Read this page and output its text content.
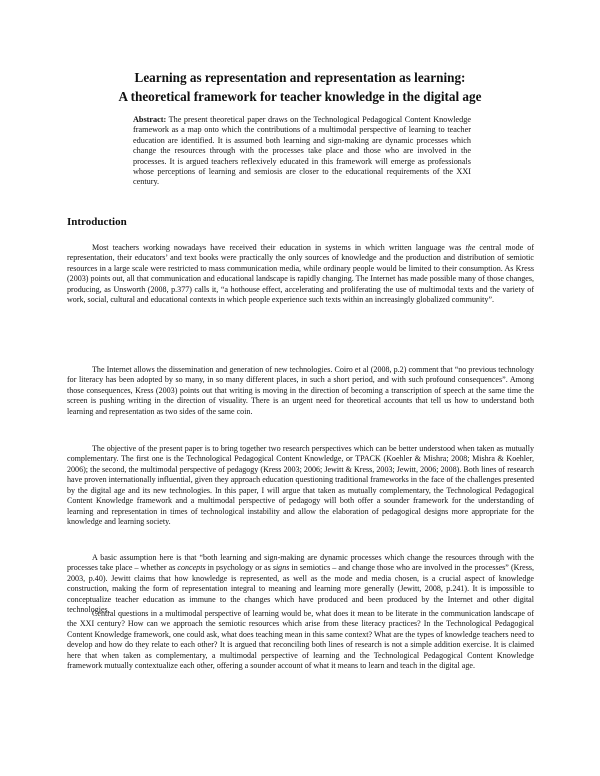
Learning as representation and representation as learning:
A theoretical framework for teacher knowledge in the digital age

Abstract: The present theoretical paper draws on the Technological Pedagogical Content Knowledge framework as a map onto which the contributions of a multimodal perspective of learning to teacher education are identified. It is assumed both learning and sign-making are dynamic processes which change the resources through with the processes take place and those who are involved in the processes. It is argued teachers reflexively educated in this framework will emerge as professionals whose perceptions of learning and semiosis are closer to the educational requirements of the XXI century.

Introduction

Most teachers working nowadays have received their education in systems in which written language was the central mode of representation, their educators’ and text books were practically the only sources of knowledge and the production and distribution of semiotic resources in a large scale were restricted to mass communication media, while ordinary people would be limited to their consumption. As Kress (2003) points out, all that communication and educational landscape is rapidly changing. The Internet has made possible many of those changes, producing, as Unsworth (2008, p.377) calls it, “a hothouse effect, accelerating and proliferating the use of multimodal texts and the variety of work, social, cultural and educational contexts in which people experience such texts within an increasingly globalized community”.

The Internet allows the dissemination and generation of new technologies. Coiro et al (2008, p.2) comment that “no previous technology for literacy has been adopted by so many, in so many different places, in such a short period, and with such profound consequences”. Among those consequences, Kress (2003) points out that writing is moving in the direction of becoming a transcription of speech at the same time the screen is pushing writing in the direction of visuality. There is an urgent need for theoretical accounts that tell us how to understand both learning and representation as two sides of the same coin.

The objective of the present paper is to bring together two research perspectives which can be better understood when taken as mutually complementary. The first one is the Technological Pedagogical Content Knowledge, or TPACK (Koehler & Mishra; 2008; Mishra & Koehler, 2006); the second, the multimodal perspective of pedagogy (Kress 2003; 2006; Jewitt & Kress, 2003; Jewitt, 2006; 2008). Both lines of research have proven internationally influential, given they approach education questioning traditional frameworks in the face of the challenges presented by the digital age and its new technologies. In this paper, I will argue that taken as mutually complementary, the Technological Pedagogical Content Knowledge framework and a multimodal perspective of pedagogy will both offer a sounder framework for the understanding of learning and representation in times of technological instability and allow the elaboration of pedagogical designs more appropriate for the knowledge and learning society.

A basic assumption here is that “both learning and sign-making are dynamic processes which change the resources through with the processes take place – whether as concepts in psychology or as signs in semiotics – and change those who are involved in the processes” (Kress, 2003, p.40). Jewitt claims that how knowledge is represented, as well as the mode and media chosen, is a crucial aspect of knowledge construction, making the form of representation integral to meaning and learning more generally (Jewitt, 2008, p.241). It is impossible to conceptualize teacher education as immune to the changes which have produced and been produced by the Internet and other digital technologies.

Central questions in a multimodal perspective of learning would be, what does it mean to be literate in the communication landscape of the XXI century? How can we approach the semiotic resources which arise from these literacy practices? In the Technological Pedagogical Content Knowledge framework, one could ask, what does teaching mean in this same context? What are the types of knowledge teachers need to develop and how do they relate to each other? It is argued that reconciling both lines of research is not a simple addition exercise. It is claimed here that when taken as complementary, a multimodal perspective of learning and the Technological Pedagogical Content Knowledge framework mutually contextualize each other, offering a sounder account of what it means to learn and teach in the digital age.
